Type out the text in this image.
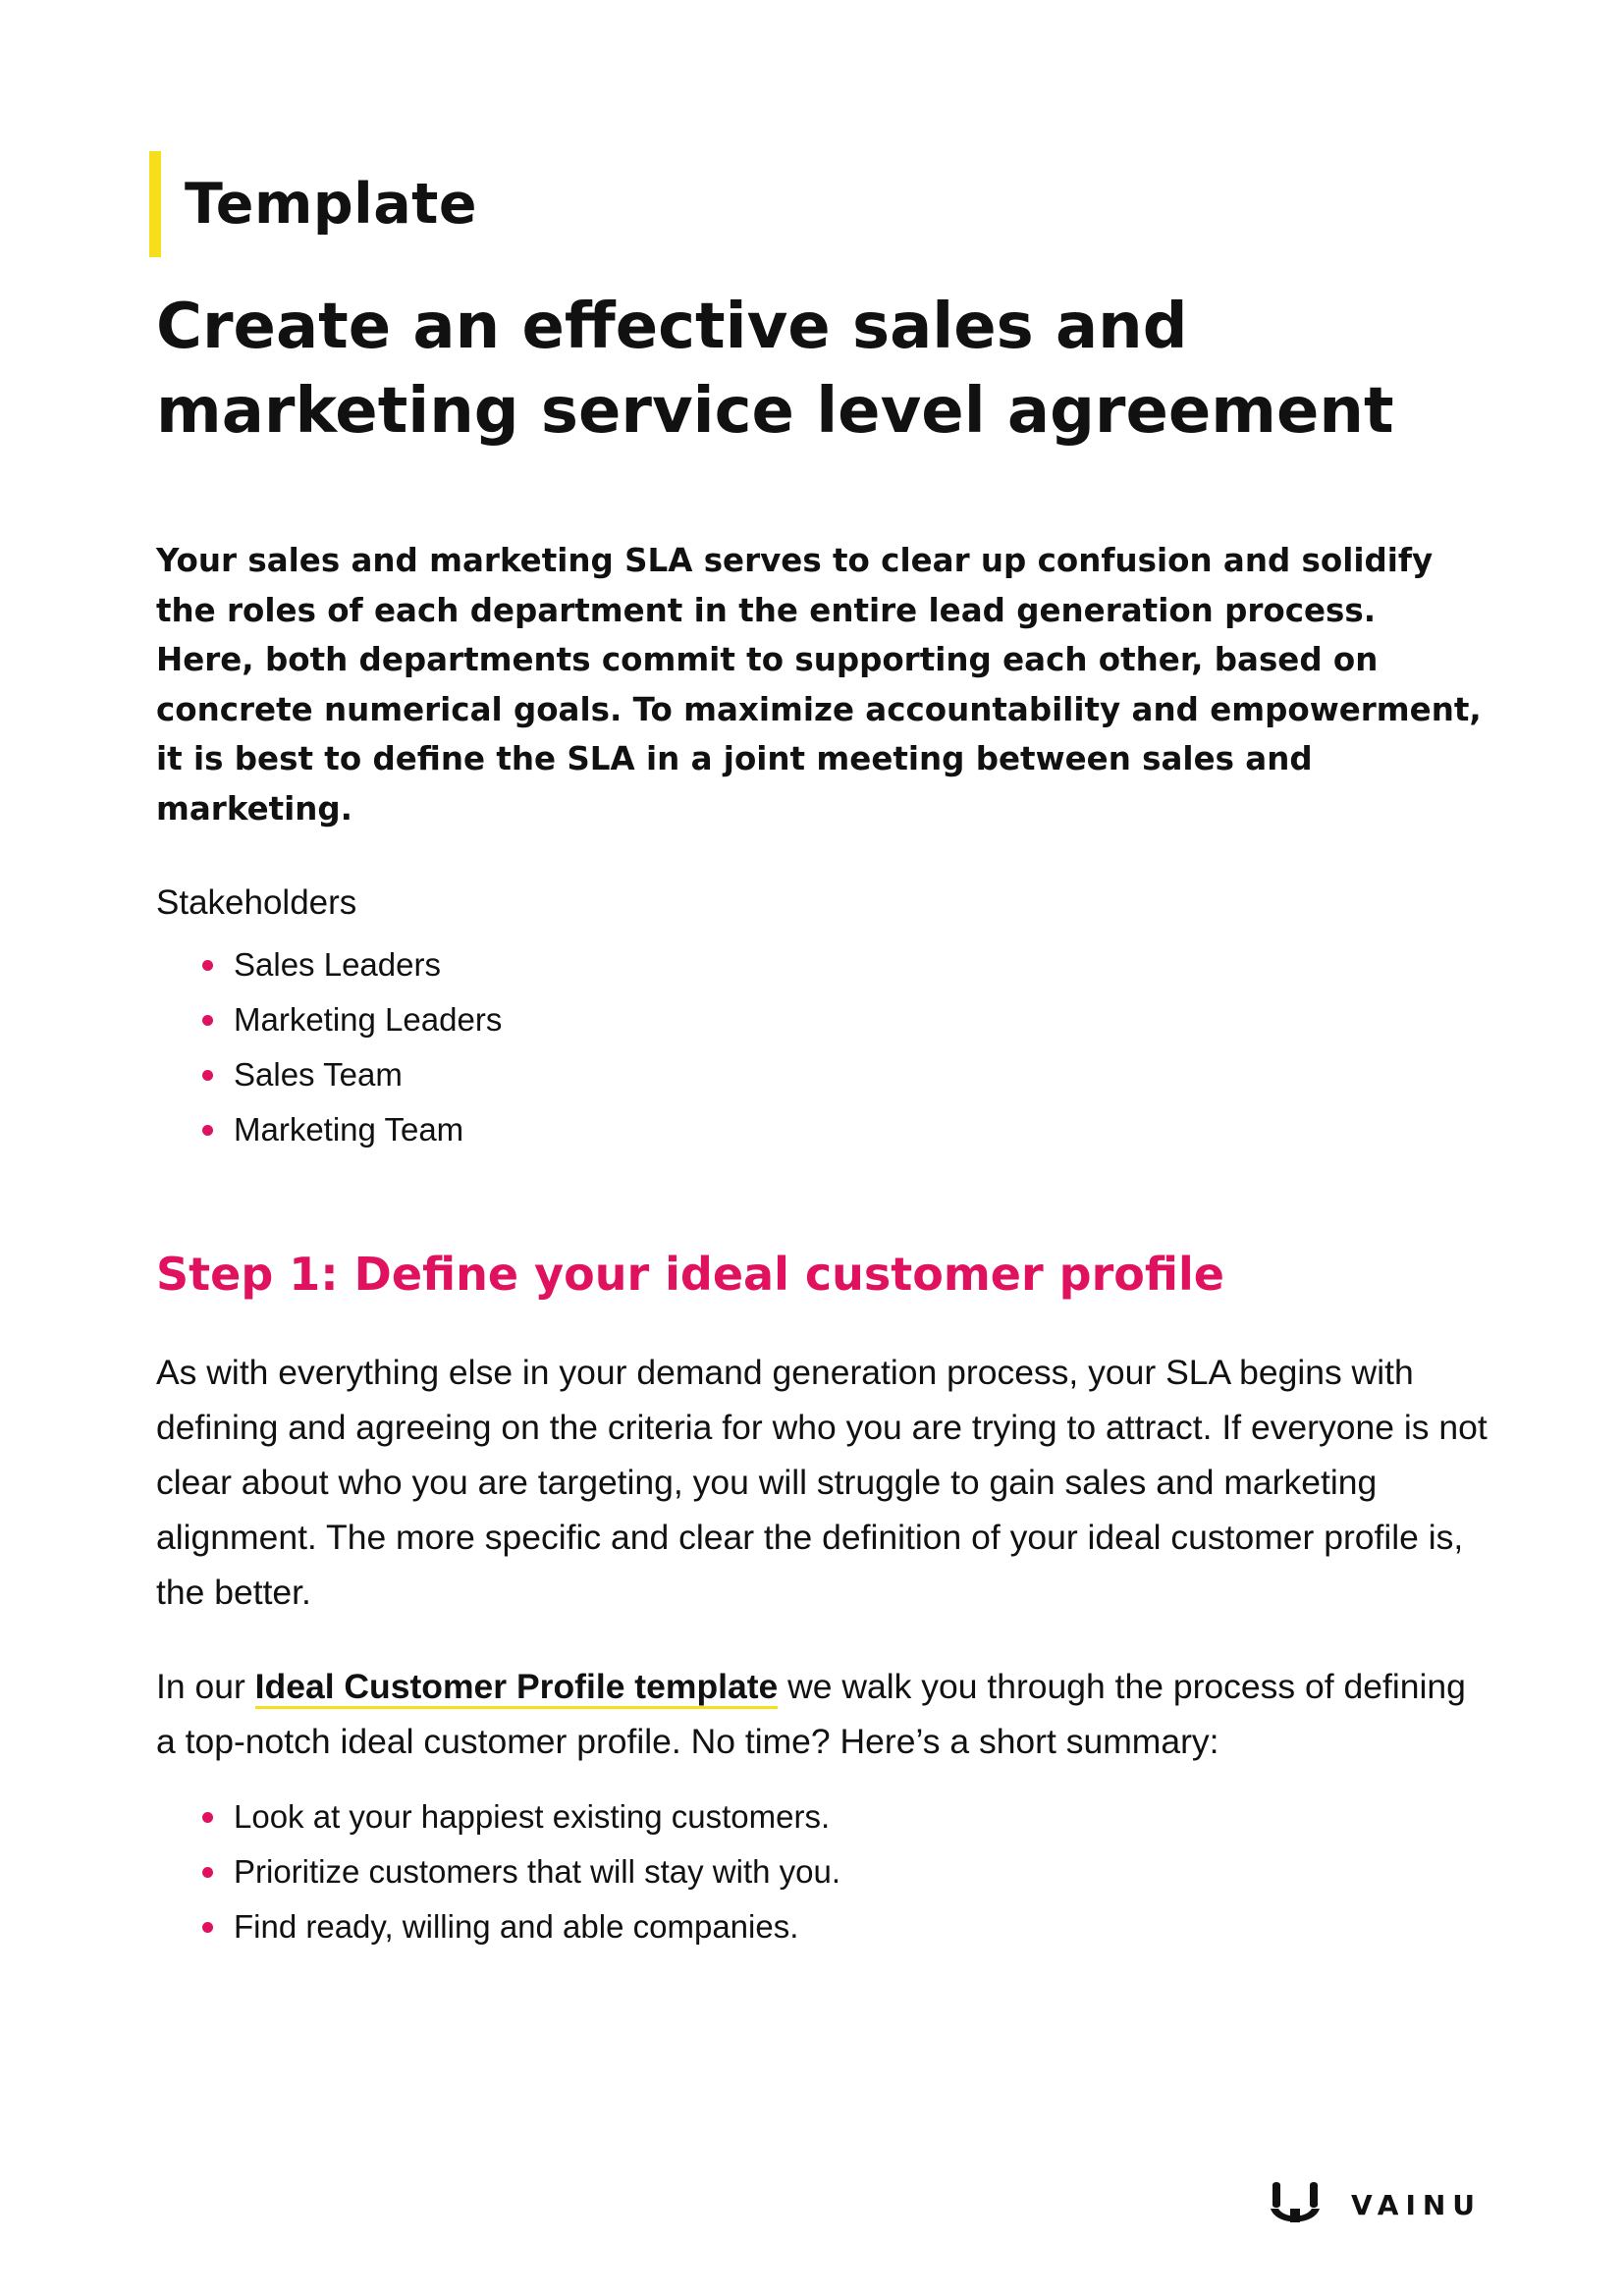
Template
Create an effective sales and
marketing service level agreement

Your sales and marketing SLA serves to clear up confusion and solidify the roles of each department in the entire lead generation process. Here, both departments commit to supporting each other, based on concrete numerical goals. To maximize accountability and empowerment, it is best to define the SLA in a joint meeting between sales and marketing.

Stakeholders

Sales Leaders
Marketing Leaders
Sales Team
Marketing Team
Step 1: Define your ideal customer profile

As with everything else in your demand generation process, your SLA begins with defining and agreeing on the criteria for who you are trying to attract. If everyone is not clear about who you are targeting, you will struggle to gain sales and marketing alignment. The more specific and clear the definition of your ideal customer profile is, the better.

In our Ideal Customer Profile template we walk you through the process of defining a top-notch ideal customer profile. No time? Here’s a short summary:

Look at your happiest existing customers.
Prioritize customers that will stay with you.
Find ready, willing and able companies.
VAINU
